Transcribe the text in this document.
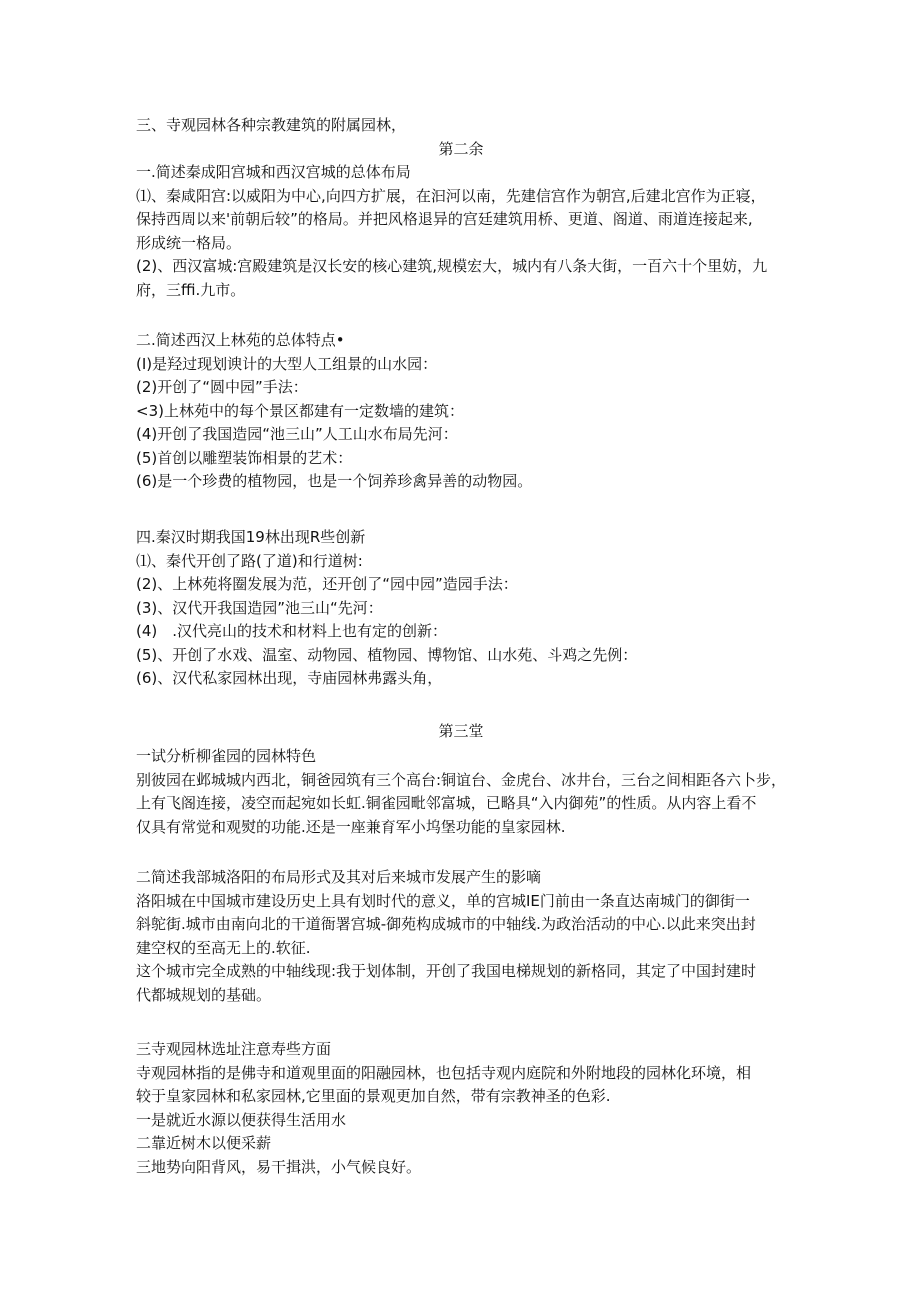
三、寺观园林各种宗教建筑的附属园林，
第二余
一.简述秦成阳宫城和西汉宫城的总体布局
⑴、秦咸阳宫:以威阳为中心,向四方扩展，在汩河以南，先建信宫作为朝宫,后建北宫作为正寝，
保持西周以来'前朝后较”的格局。并把风格退异的宫廷建筑用桥、更道、阁道、雨道连接起来,
形成统一格局。
(2)、西汉富城:宫殿建筑是汉长安的核心建筑,规模宏大，城内有八条大街，一百六十个里妨，九
府，三ffi.九市。
二.简述西汉上林苑的总体特点•
(I)是羟过现划谀计的大型人工组景的山水园：
(2)开创了“圆中园”手法：
<3)上林苑中的每个景区都建有一定数墙的建筑：
(4)开创了我国造园“池三山”人工山水布局先河：
(5)首创以雕塑装饰相景的艺术：
(6)是一个珍费的植物园，也是一个饲养珍禽异善的动物园。
四.秦汉时期我国19林出现R些创新
⑴、秦代开创了路(了道)和行道树:
(2)、上林苑将圈发展为范，还开创了“园中园”造园手法：
(3)、汉代开我国造园”池三山“先河：
(4)　.汉代亮山的技术和材料上也有定的创新：
(5)、开创了水戏、温室、动物园、植物园、博物馆、山水苑、斗鸡之先例：
(6)、汉代私家园林出现，寺庙园林弗露头角，
第三堂
一试分析柳雀园的园林特色
别彼园在邺城城内西北，铜爸园筑有三个高台:铜谊台、金虎台、冰井台，三台之间相距各六卜步，
上有飞阁连接，凌空而起宛如长虹.铜雀园毗邻富城，已略具“入内御苑”的性质。从内容上看不
仅具有常觉和观熨的功能.还是一座兼育军小坞堡功能的皇家园林.
二简述我部城洛阳的布局形式及其对后来城市发展产生的影嘀
洛阳城在中国城市建设历史上具有划时代的意义，单的宫城IE门前由一条直达南城门的御街一
斜鸵街.城市由南向北的干道衙署宫城-御苑构成城市的中轴线.为政治活动的中心.以此来突出封
建空权的至高无上的.软征.
这个城市完全成熟的中轴线现:我于划体制，开创了我国电梯规划的新格同，其定了中国封建时
代都城规划的基础。
三寺观园林选址注意寿些方面
寺观园林指的是佛寺和道观里面的阳融园林，也包括寺观内庭院和外附地段的园林化环境，相
较于皇家园林和私家园林,它里面的景观更加自然，带有宗教神圣的色彩.
一是就近水源以便获得生活用水
二靠近树木以便采薪
三地势向阳背风，易干揖洪，小气候良好。
